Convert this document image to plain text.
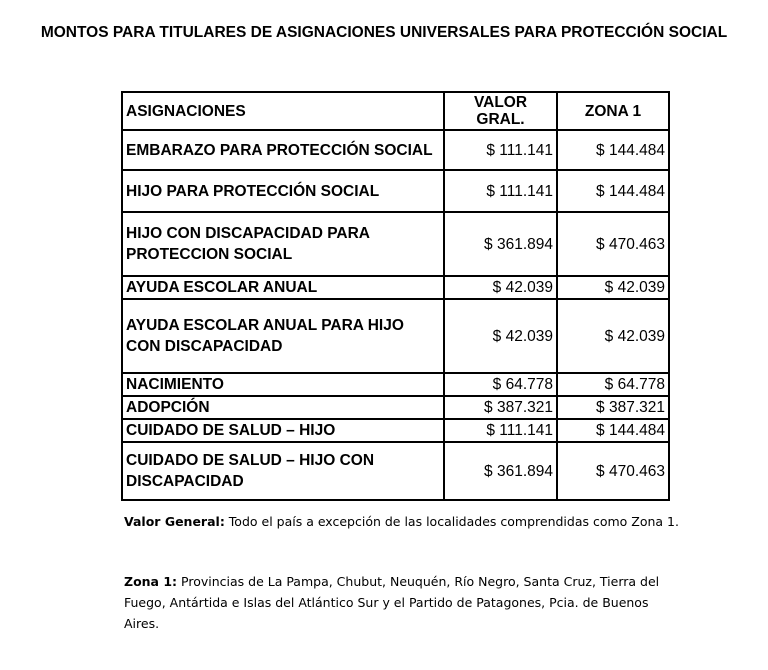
MONTOS PARA TITULARES DE ASIGNACIONES UNIVERSALES PARA PROTECCIÓN SOCIAL
ASIGNACIONES	VALOR GRAL.	ZONA 1
EMBARAZO PARA PROTECCIÓN SOCIAL	$ 111.141	$ 144.484
HIJO PARA PROTECCIÓN SOCIAL	$ 111.141	$ 144.484
HIJO CON DISCAPACIDAD PARA PROTECCION SOCIAL	$ 361.894	$ 470.463
AYUDA ESCOLAR ANUAL	$ 42.039	$ 42.039
AYUDA ESCOLAR ANUAL PARA HIJO CON DISCAPACIDAD	$ 42.039	$ 42.039
NACIMIENTO	$ 64.778	$ 64.778
ADOPCIÓN	$ 387.321	$ 387.321
CUIDADO DE SALUD – HIJO	$ 111.141	$ 144.484
CUIDADO DE SALUD – HIJO CON DISCAPACIDAD	$ 361.894	$ 470.463
Valor General: Todo el país a excepción de las localidades comprendidas como Zona 1.
Zona 1: Provincias de La Pampa, Chubut, Neuquén, Río Negro, Santa Cruz, Tierra del Fuego, Antártida e Islas del Atlántico Sur y el Partido de Patagones, Pcia. de Buenos Aires.
